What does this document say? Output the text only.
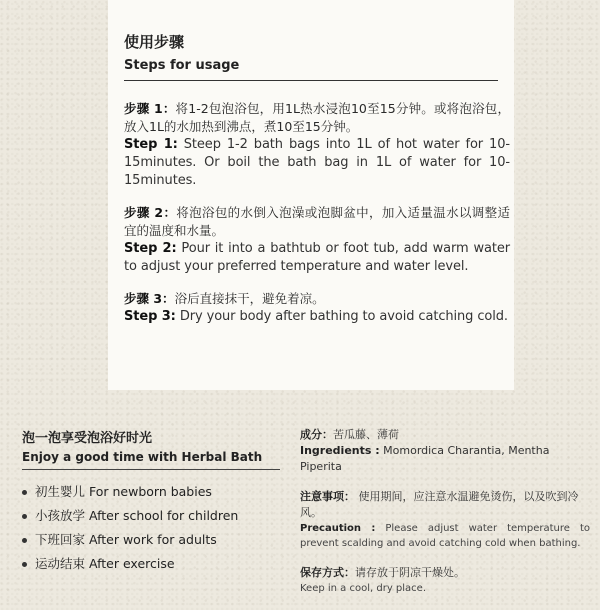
使用步骤
Steps for usage
步骤 1：将1-2包泡浴包，用1L热水浸泡10至15分钟。或将泡浴包，放入1L的水加热到沸点，煮10至15分钟。
Step 1: Steep 1-2 bath bags into 1L of hot water for 10-15minutes. Or boil the bath bag in 1L of water for 10-15minutes.
步骤 2：将泡浴包的水倒入泡澡或泡脚盆中，加入适量温水以调整适宜的温度和水量。
Step 2: Pour it into a bathtub or foot tub, add warm water to adjust your preferred temperature and water level.
步骤 3：浴后直接抹干，避免着凉。
Step 3: Dry your body after bathing to avoid catching cold.
泡一泡享受泡浴好时光
Enjoy a good time with Herbal Bath
初生婴儿 For newborn babies
小孩放学 After school for children
下班回家 After work for adults
运动结束 After exercise
成分：苦瓜藤、薄荷
Ingredients : Momordica Charantia, Mentha Piperita
注意事项： 使用期间，应注意水温避免烫伤，以及吹到冷风。
Precaution : Please adjust water temperature to prevent scalding and avoid catching cold when bathing.
保存方式：请存放于阴凉干燥处。
Keep in a cool, dry place.
